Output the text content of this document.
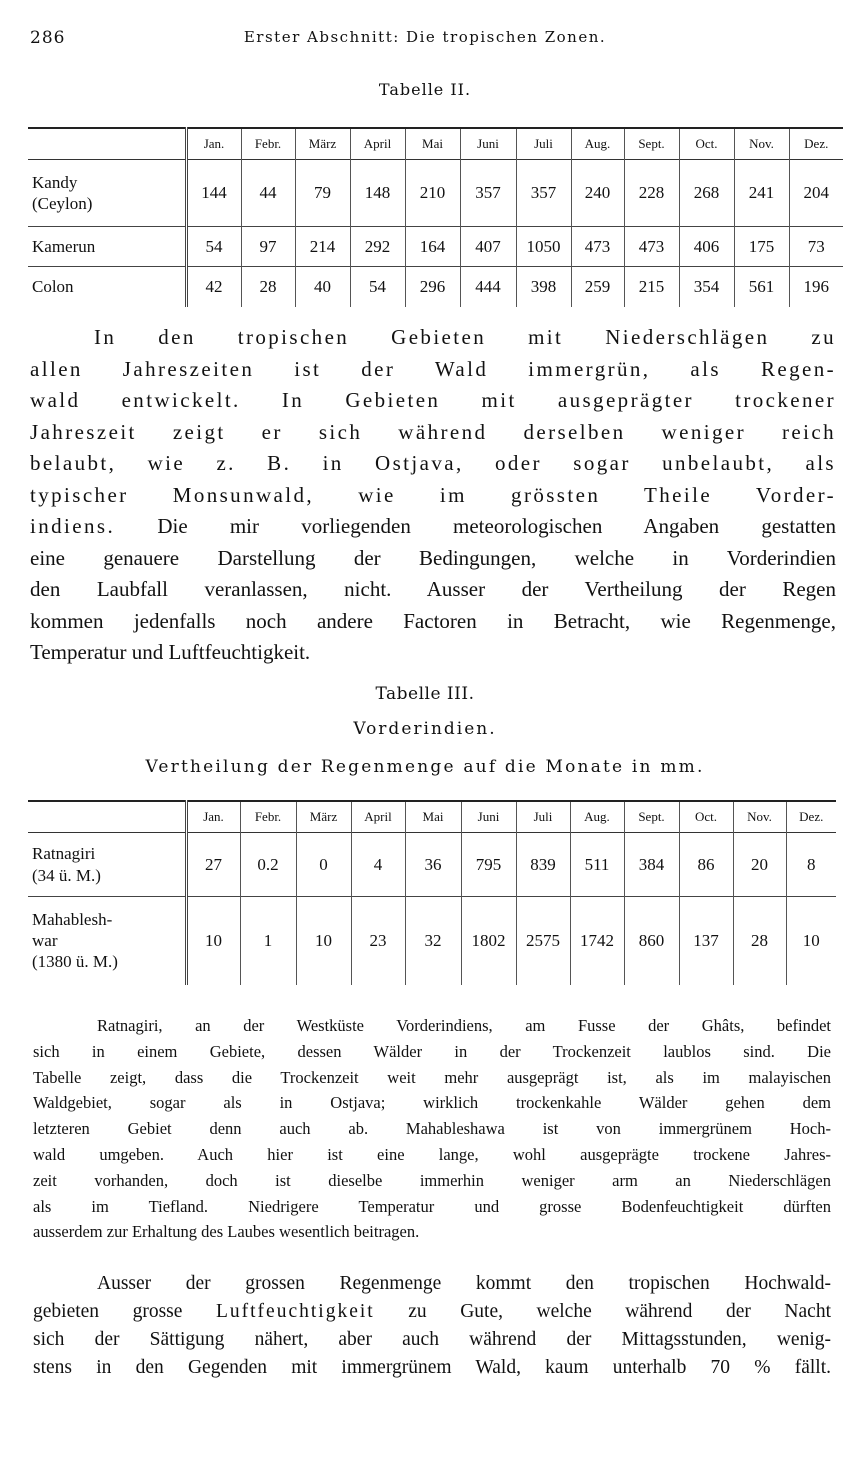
286	Erster Abschnitt: Die tropischen Zonen.
Tabelle II.
	Jan.	Febr.	März	April	Mai	Juni	Juli	Aug.	Sept.	Oct.	Nov.	Dez.
Kandy
(Ceylon)	144	44	79	148	210	357	357	240	228	268	241	204
Kamerun	54	97	214	292	164	407	1050	473	473	406	175	73
Colon	42	28	40	54	296	444	398	259	215	354	561	196
In den tropischen Gebieten mit Niederschlägen zu
allen Jahreszeiten ist der Wald immergrün, als Regen-
wald entwickelt. In Gebieten mit ausgeprägter trockener
Jahreszeit zeigt er sich während derselben weniger reich
belaubt, wie z. B. in Ostjava, oder sogar unbelaubt, als
typischer Monsunwald, wie im grössten Theile Vorder-
indiens. Die mir vorliegenden meteorologischen Angaben gestatten
eine genauere Darstellung der Bedingungen, welche in Vorderindien
den Laubfall veranlassen, nicht. Ausser der Vertheilung der Regen
kommen jedenfalls noch andere Factoren in Betracht, wie Regenmenge,
Temperatur und Luftfeuchtigkeit.
Tabelle III.
Vorderindien.
Vertheilung der Regenmenge auf die Monate in mm.
	Jan.	Febr.	März	April	Mai	Juni	Juli	Aug.	Sept.	Oct.	Nov.	Dez.
Ratnagiri
(34 ü. M.)	27	0.2	0	4	36	795	839	511	384	86	20	8
Mahablesh-
war
(1380 ü. M.)	10	1	10	23	32	1802	2575	1742	860	137	28	10
Ratnagiri, an der Westküste Vorderindiens, am Fusse der Ghâts, befindet
sich in einem Gebiete, dessen Wälder in der Trockenzeit laublos sind. Die
Tabelle zeigt, dass die Trockenzeit weit mehr ausgeprägt ist, als im malayischen
Waldgebiet, sogar als in Ostjava; wirklich trockenkahle Wälder gehen dem
letzteren Gebiet denn auch ab. Mahableshawa ist von immergrünem Hoch-
wald umgeben. Auch hier ist eine lange, wohl ausgeprägte trockene Jahres-
zeit vorhanden, doch ist dieselbe immerhin weniger arm an Niederschlägen
als im Tiefland. Niedrigere Temperatur und grosse Bodenfeuchtigkeit dürften
ausserdem zur Erhaltung des Laubes wesentlich beitragen.
Ausser der grossen Regenmenge kommt den tropischen Hochwald-
gebieten grosse Luftfeuchtigkeit zu Gute, welche während der Nacht
sich der Sättigung nähert, aber auch während der Mittagsstunden, wenig-
stens in den Gegenden mit immergrünem Wald, kaum unterhalb 70 % fällt.
